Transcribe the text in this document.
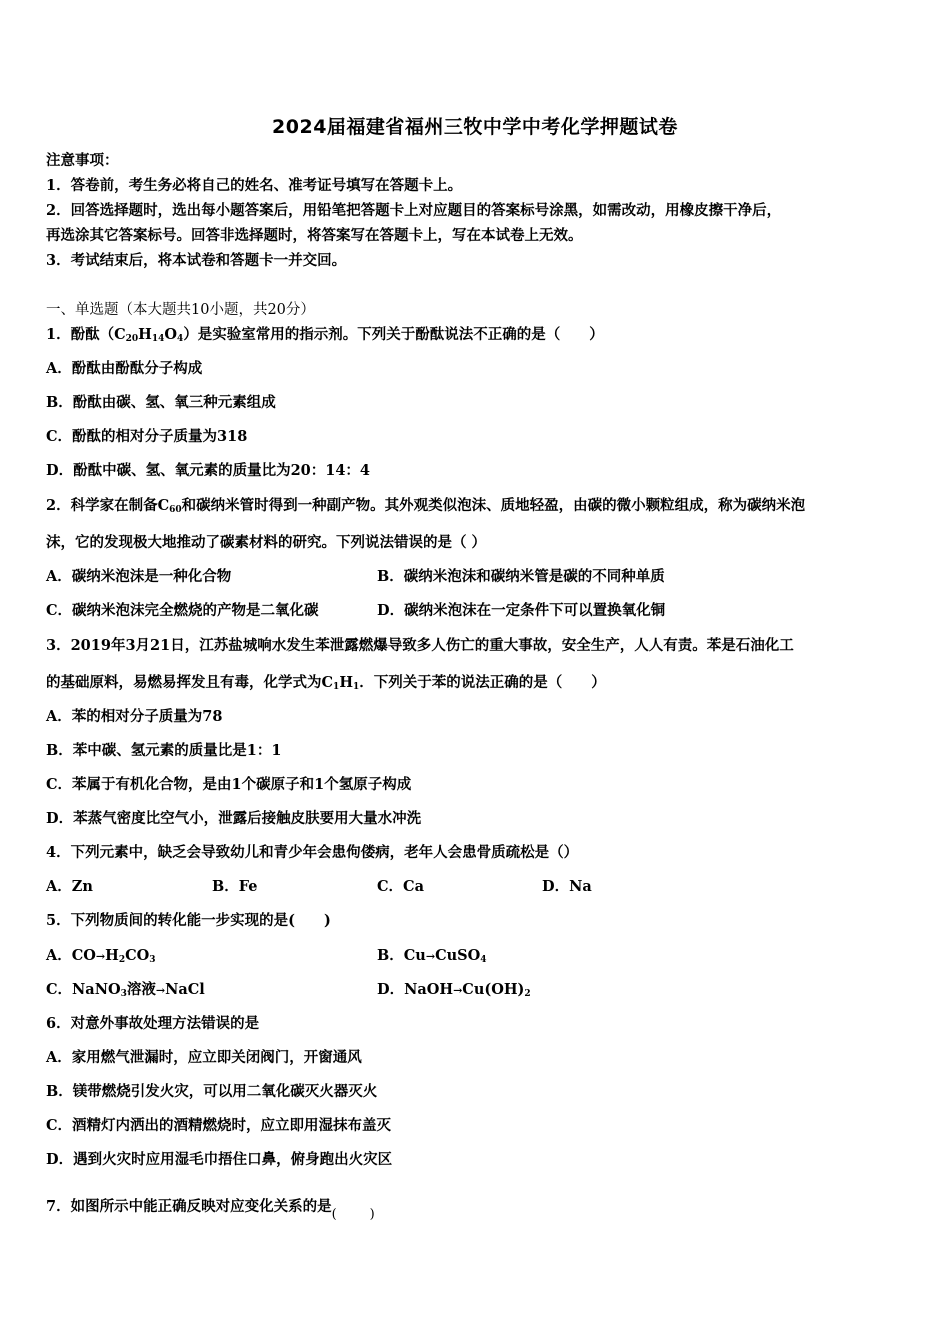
2024届福建省福州三牧中学中考化学押题试卷
注意事项：
1．答卷前，考生务必将自己的姓名、准考证号填写在答题卡上。
2．回答选择题时，选出每小题答案后，用铅笔把答题卡上对应题目的答案标号涂黑，如需改动，用橡皮擦干净后，
再选涂其它答案标号。回答非选择题时，将答案写在答题卡上，写在本试卷上无效。
3．考试结束后，将本试卷和答题卡一并交回。
一、单选题（本大题共10小题，共20分）
1．酚酞$(C_{20}H_{14}O_4)$是实验室常用的指示剂。下列关于酚酞说法不正确的是（　　）
A．酚酞由酚酞分子构成
B．酚酞由碳、氢、氧三种元素组成
C．酚酞的相对分子质量为318
D．酚酞中碳、氢、氧元素的质量比为20：14：4
2．科学家在制备$C_{60}$和碳纳米管时得到一种副产物。其外观类似泡沫、质地轻盈，由碳的微小颗粒组成，称为碳纳米泡
沫，它的发现极大地推动了碳素材料的研究。下列说法错误的是（ ）
A．碳纳米泡沫是一种化合物	B．碳纳米泡沫和碳纳米管是碳的不同种单质
C．碳纳米泡沫完全燃烧的产物是二氧化碳	D．碳纳米泡沫在一定条件下可以置换氧化铜
3．2019年3月21日，江苏盐城响水发生苯泄露燃爆导致多人伤亡的重大事故，安全生产，人人有责。苯是石油化工
的基础原料，易燃易挥发且有毒，化学式为$C_1H_1$．下列关于苯的说法正确的是（　　）
A．苯的相对分子质量为78
B．苯中碳、氢元素的质量比是1：1
C．苯属于有机化合物，是由1个碳原子和1个氢原子构成
D．苯蒸气密度比空气小，泄露后接触皮肤要用大量水冲洗
4．下列元素中，缺乏会导致幼儿和青少年会患佝偻病，老年人会患骨质疏松是（）
A．Zn	B．Fe	C．Ca	D．Na
5．下列物质间的转化能一步实现的是(　　)
A．$CO\to H_2CO_3$	B．Cu→CuSO$_4$
C．NaNO$_3$溶液→NaCl	D．$NaOH\to Cu(OH)_2$
6．对意外事故处理方法错误的是
A．家用燃气泄漏时，应立即关闭阀门，开窗通风
B．镁带燃烧引发火灾，可以用二氧化碳灭火器灭火
C．酒精灯内洒出的酒精燃烧时，应立即用湿抹布盖灭
D．遇到火灾时应用湿毛巾捂住口鼻，俯身跑出火灾区
7．如图所示中能正确反映对应变化关系的是 (	)
